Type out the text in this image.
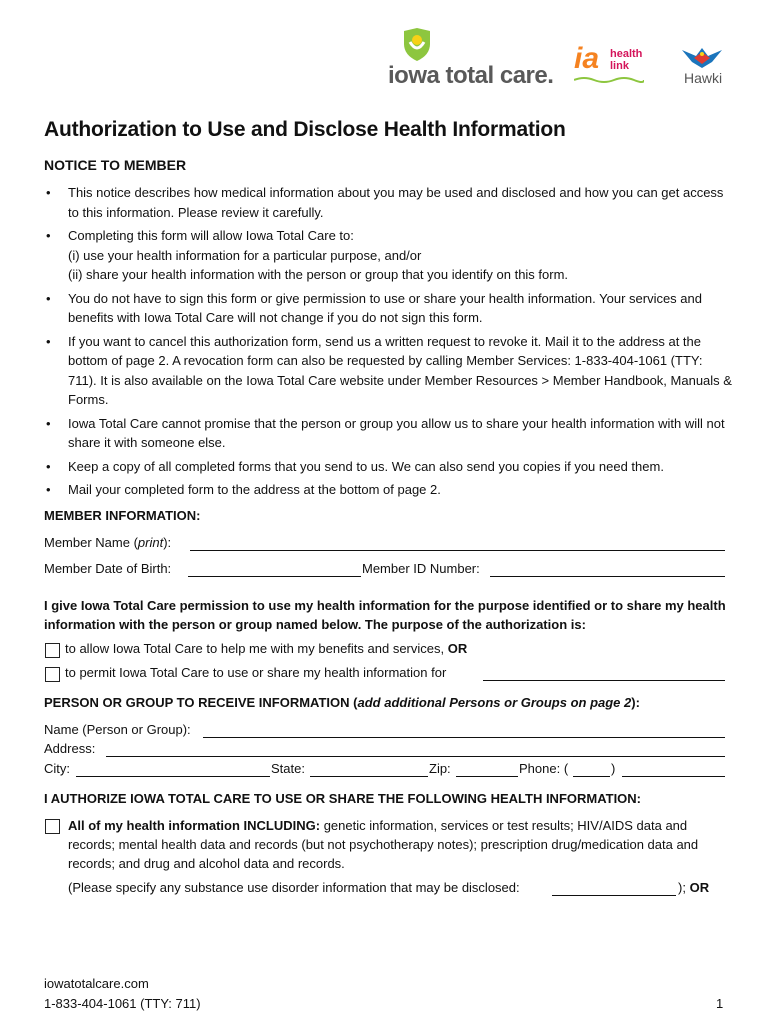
iowa total care.
ia health
link
Hawki
Authorization to Use and Disclose Health Information
NOTICE TO MEMBER
• This notice describes how medical information about you may be used and disclosed and how you can get access to this information. Please review it carefully.
• Completing this form will allow Iowa Total Care to:
(i) use your health information for a particular purpose, and/or
(ii) share your health information with the person or group that you identify on this form.
• You do not have to sign this form or give permission to use or share your health information. Your services and benefits with Iowa Total Care will not change if you do not sign this form.
• If you want to cancel this authorization form, send us a written request to revoke it. Mail it to the address at the bottom of page 2. A revocation form can also be requested by calling Member Services: 1-833-404-1061 (TTY: 711). It is also available on the Iowa Total Care website under Member Resources > Member Handbook, Manuals & Forms.
• Iowa Total Care cannot promise that the person or group you allow us to share your health information with will not share it with someone else.
• Keep a copy of all completed forms that you send to us. We can also send you copies if you need them.
• Mail your completed form to the address at the bottom of page 2.
MEMBER INFORMATION:
Member Name (print):
Member Date of Birth:	Member ID Number:
I give Iowa Total Care permission to use my health information for the purpose identified or to share my health information with the person or group named below. The purpose of the authorization is:
to allow Iowa Total Care to help me with my benefits and services, OR
to permit Iowa Total Care to use or share my health information for
PERSON OR GROUP TO RECEIVE INFORMATION (add additional Persons or Groups on page 2):
Name (Person or Group):
Address:
City:	State:	Zip:	Phone: (	)
I AUTHORIZE IOWA TOTAL CARE TO USE OR SHARE THE FOLLOWING HEALTH INFORMATION:
All of my health information INCLUDING: genetic information, services or test results; HIV/AIDS data and records; mental health data and records (but not psychotherapy notes); prescription drug/medication data and records; and drug and alcohol data and records.
(Please specify any substance use disorder information that may be disclosed:	); OR
iowatotalcare.com
1-833-404-1061 (TTY: 711)	1
